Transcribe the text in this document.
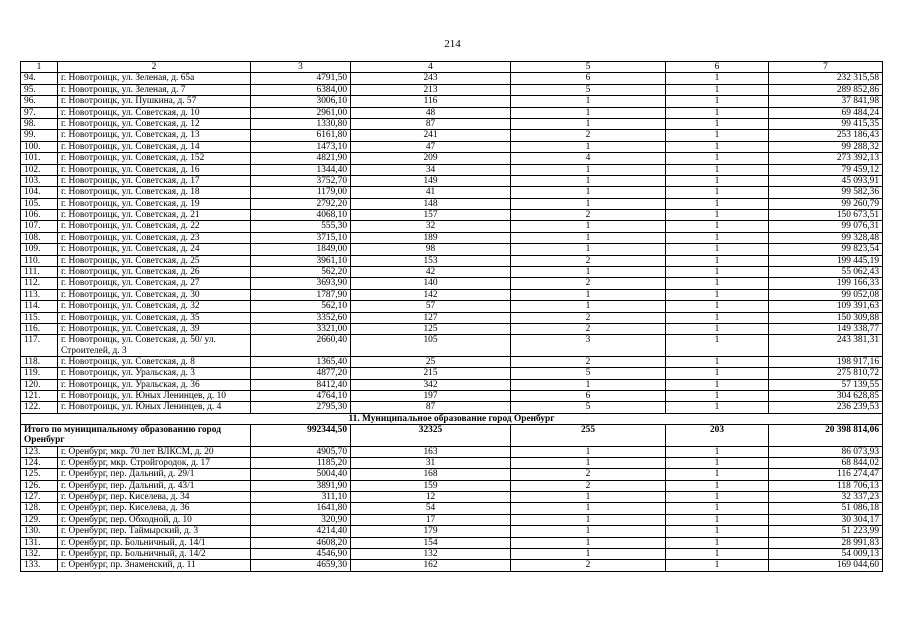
214
1	2	3	4	5	6	7
94.	г. Новотроицк, ул. Зеленая, д. 65а	4791,50	243	6	1	232 315,58
95.	г. Новотроицк, ул. Зеленая, д. 7	6384,00	213	5	1	289 852,86
96.	г. Новотроицк, ул. Пушкина, д. 57	3006,10	116	1	1	37 841,98
97.	г. Новотроицк, ул. Советская, д. 10	2961,00	48	1	1	69 484,24
98.	г. Новотроицк, ул. Советская, д. 12	1330,80	87	1	1	99 415,35
99.	г. Новотроицк, ул. Советская, д. 13	6161,80	241	2	1	253 186,43
100.	г. Новотроицк, ул. Советская, д. 14	1473,10	47	1	1	99 288,32
101.	г. Новотроицк, ул. Советская, д. 152	4821,90	209	4	1	273 392,13
102.	г. Новотроицк, ул. Советская, д. 16	1344,40	34	1	1	79 459,12
103.	г. Новотроицк, ул. Советская, д. 17	3752,70	149	1	1	45 093,91
104.	г. Новотроицк, ул. Советская, д. 18	1179,00	41	1	1	99 582,36
105.	г. Новотроицк, ул. Советская, д. 19	2792,20	148	1	1	99 260,79
106.	г. Новотроицк, ул. Советская, д. 21	4068,10	157	2	1	150 673,51
107.	г. Новотроицк, ул. Советская, д. 22	555,30	32	1	1	99 076,31
108.	г. Новотроицк, ул. Советская, д. 23	3715,10	189	1	1	99 328,48
109.	г. Новотроицк, ул. Советская, д. 24	1849,00	98	1	1	99 823,54
110.	г. Новотроицк, ул. Советская, д. 25	3961,10	153	2	1	199 445,19
111.	г. Новотроицк, ул. Советская, д. 26	562,20	42	1	1	55 062,43
112.	г. Новотроицк, ул. Советская, д. 27	3693,90	140	2	1	199 166,33
113.	г. Новотроицк, ул. Советская, д. 30	1787,90	142	1	1	99 052,08
114.	г. Новотроицк, ул. Советская, д. 32	562,10	57	1	1	109 391,63
115.	г. Новотроицк, ул. Советская, д. 35	3352,60	127	2	1	150 309,88
116.	г. Новотроицк, ул. Советская, д. 39	3321,00	125	2	1	149 338,77
117.	г. Новотроицк, ул. Советская, д. 50/ ул. Строителей, д. 3	2660,40	105	3	1	243 381,31
118.	г. Новотроицк, ул. Советская, д. 8	1365,40	25	2	1	198 917,16
119.	г. Новотроицк, ул. Уральская, д. 3	4877,20	215	5	1	275 810,72
120.	г. Новотроицк, ул. Уральская, д. 36	8412,40	342	1	1	57 139,55
121.	г. Новотроицк, ул. Юных Ленинцев, д. 10	4764,10	197	6	1	304 628,85
122.	г. Новотроицк, ул. Юных Ленинцев, д. 4	2795,30	87	5	1	236 239,53
11. Муниципальное образование город Оренбург						
Итого по муниципальному образованию город Оренбург		992344,50	32325	255	203	20 398 814,06
123.	г. Оренбург, мкр. 70 лет ВЛКСМ, д. 20	4905,70	163	1	1	86 073,93
124.	г. Оренбург, мкр. Стройгородок, д. 17	1185,20	31	1	1	68 844,02
125.	г. Оренбург, пер. Дальний, д. 29/1	5004,40	168	2	1	116 274,47
126.	г. Оренбург, пер. Дальний, д. 43/1	3891,90	159	2	1	118 706,13
127.	г. Оренбург, пер. Киселева, д. 34	311,10	12	1	1	32 337,23
128.	г. Оренбург, пер. Киселева, д. 36	1641,80	54	1	1	51 086,18
129.	г. Оренбург, пер. Обходной, д. 10	320,90	17	1	1	30 304,17
130.	г. Оренбург, пер. Таймырский, д. 3	4214,40	179	1	1	51 223,99
131.	г. Оренбург, пр. Больничный, д. 14/1	4608,20	154	1	1	28 991,83
132.	г. Оренбург, пр. Больничный, д. 14/2	4546,90	132	1	1	54 009,13
133.	г. Оренбург, пр. Знаменский, д. 11	4659,30	162	2	1	169 044,60
